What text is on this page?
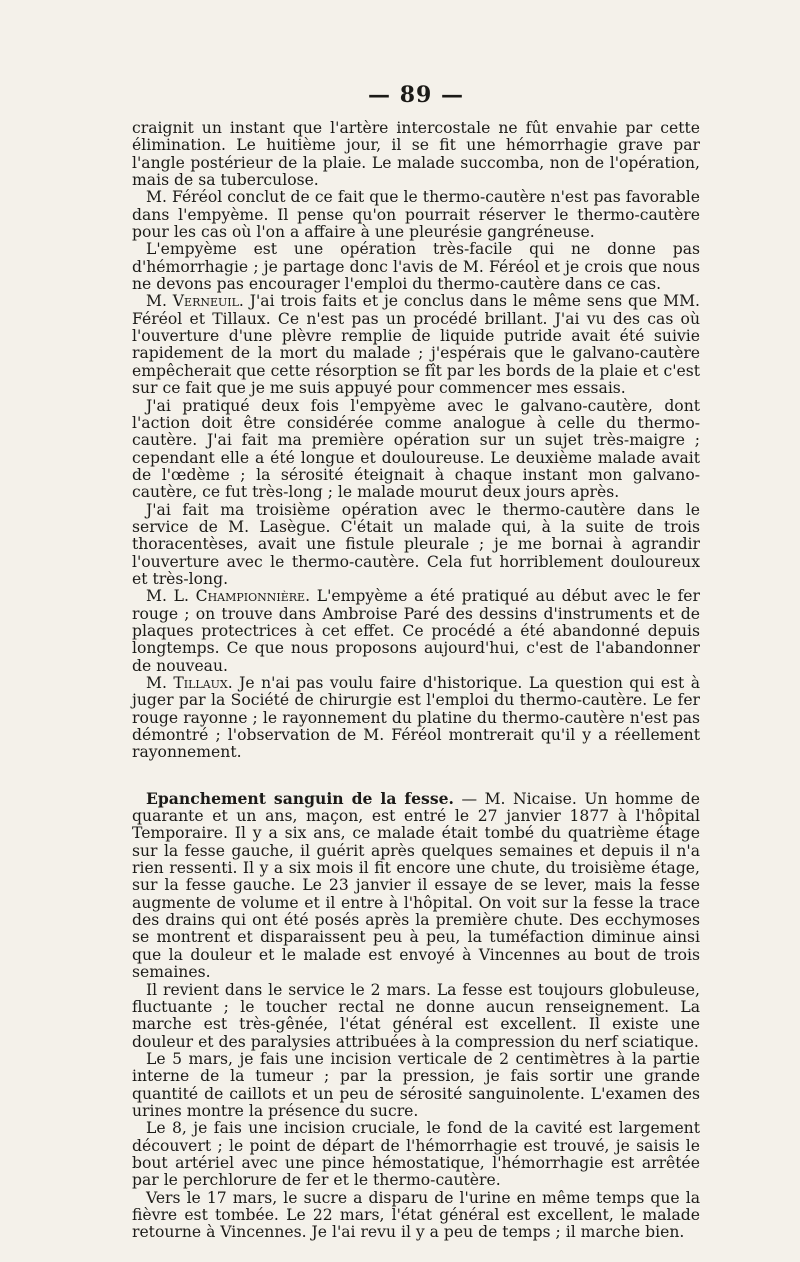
— 89 —

craignit un instant que l'artère intercostale ne fût envahie par cette élimination. Le huitième jour, il se fit une hémorrhagie grave par l'angle postérieur de la plaie. Le malade succomba, non de l'opération, mais de sa tuberculose.

M. Féréol conclut de ce fait que le thermo-cautère n'est pas favorable dans l'empyème. Il pense qu'on pourrait réserver le thermo-cautère pour les cas où l'on a affaire à une pleurésie gangréneuse.

L'empyème est une opération très-facile qui ne donne pas d'hémorrhagie ; je partage donc l'avis de M. Féréol et je crois que nous ne devons pas encourager l'emploi du thermo-cautère dans ce cas.

M. Verneuil. J'ai trois faits et je conclus dans le même sens que MM. Féréol et Tillaux. Ce n'est pas un procédé brillant. J'ai vu des cas où l'ouverture d'une plèvre remplie de liquide putride avait été suivie rapidement de la mort du malade ; j'espérais que le galvano-cautère empêcherait que cette résorption se fît par les bords de la plaie et c'est sur ce fait que je me suis appuyé pour commencer mes essais.

J'ai pratiqué deux fois l'empyème avec le galvano-cautère, dont l'action doit être considérée comme analogue à celle du thermo-cautère. J'ai fait ma première opération sur un sujet très-maigre ; cependant elle a été longue et douloureuse. Le deuxième malade avait de l'œdème ; la sérosité éteignait à chaque instant mon galvano-cautère, ce fut très-long ; le malade mourut deux jours après.

J'ai fait ma troisième opération avec le thermo-cautère dans le service de M. Lasègue. C'était un malade qui, à la suite de trois thoracentèses, avait une fistule pleurale ; je me bornai à agrandir l'ouverture avec le thermo-cautère. Cela fut horriblement douloureux et très-long.

M. L. Championnière. L'empyème a été pratiqué au début avec le fer rouge ; on trouve dans Ambroise Paré des dessins d'instruments et de plaques protectrices à cet effet. Ce procédé a été abandonné depuis longtemps. Ce que nous proposons aujourd'hui, c'est de l'abandonner de nouveau.

M. Tillaux. Je n'ai pas voulu faire d'historique. La question qui est à juger par la Société de chirurgie est l'emploi du thermo-cautère. Le fer rouge rayonne ; le rayonnement du platine du thermo-cautère n'est pas démontré ; l'observation de M. Féréol montrerait qu'il y a réellement rayonnement.

Epanchement sanguin de la fesse. — M. Nicaise. Un homme de quarante et un ans, maçon, est entré le 27 janvier 1877 à l'hôpital Temporaire. Il y a six ans, ce malade était tombé du quatrième étage sur la fesse gauche, il guérit après quelques semaines et depuis il n'a rien ressenti. Il y a six mois il fit encore une chute, du troisième étage, sur la fesse gauche. Le 23 janvier il essaye de se lever, mais la fesse augmente de volume et il entre à l'hôpital. On voit sur la fesse la trace des drains qui ont été posés après la première chute. Des ecchymoses se montrent et disparaissent peu à peu, la tuméfaction diminue ainsi que la douleur et le malade est envoyé à Vincennes au bout de trois semaines.

Il revient dans le service le 2 mars. La fesse est toujours globuleuse, fluctuante ; le toucher rectal ne donne aucun renseignement. La marche est très-gênée, l'état général est excellent. Il existe une douleur et des paralysies attribuées à la compression du nerf sciatique.

Le 5 mars, je fais une incision verticale de 2 centimètres à la partie interne de la tumeur ; par la pression, je fais sortir une grande quantité de caillots et un peu de sérosité sanguinolente. L'examen des urines montre la présence du sucre.

Le 8, je fais une incision cruciale, le fond de la cavité est largement découvert ; le point de départ de l'hémorrhagie est trouvé, je saisis le bout artériel avec une pince hémostatique, l'hémorrhagie est arrêtée par le perchlorure de fer et le thermo-cautère.

Vers le 17 mars, le sucre a disparu de l'urine en même temps que la fièvre est tombée. Le 22 mars, l'état général est excellent, le malade retourne à Vincennes. Je l'ai revu il y a peu de temps ; il marche bien.
